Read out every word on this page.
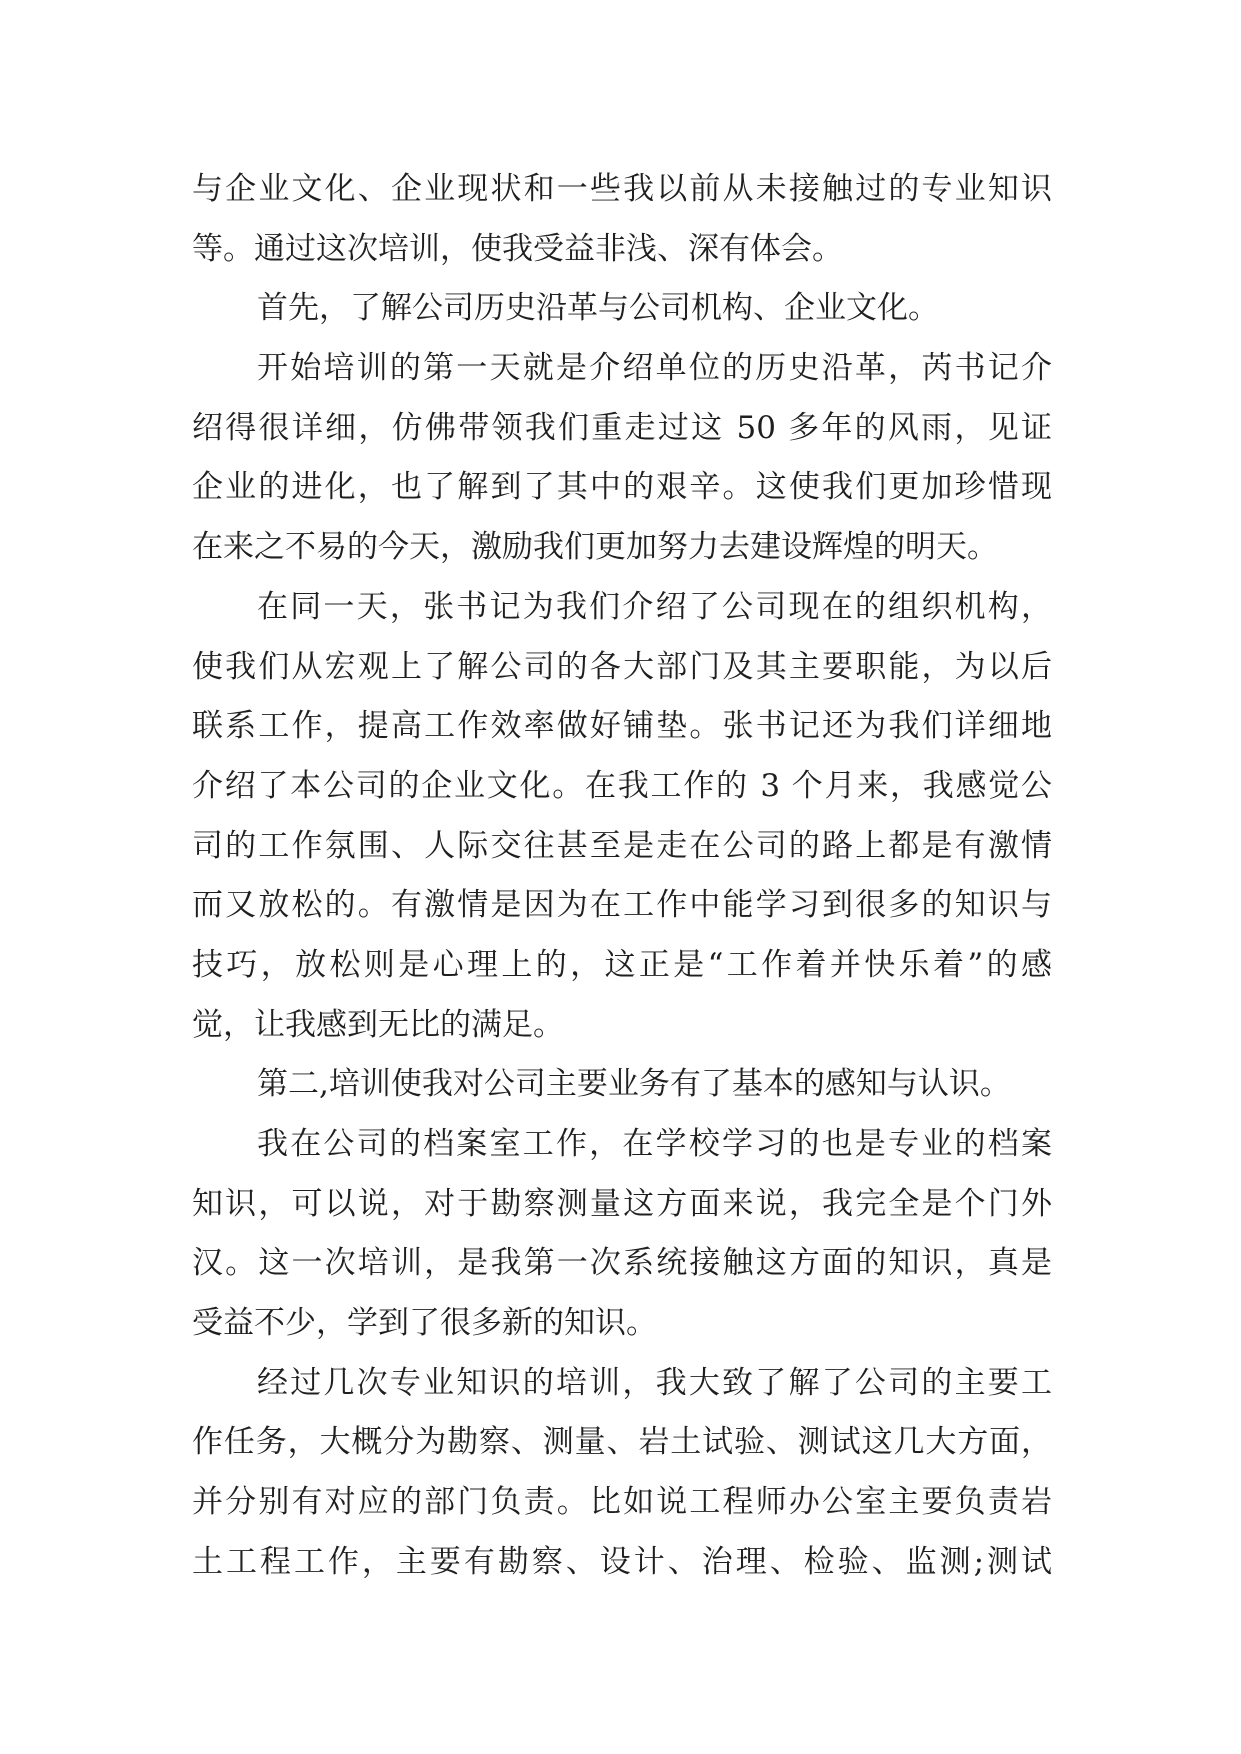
与企业文化、企业现状和一些我以前从未接触过的专业知识
等。通过这次培训，使我受益非浅、深有体会。
首先，了解公司历史沿革与公司机构、企业文化。
开始培训的第一天就是介绍单位的历史沿革，芮书记介
绍得很详细，仿佛带领我们重走过这 50 多年的风雨，见证
企业的进化，也了解到了其中的艰辛。这使我们更加珍惜现
在来之不易的今天，激励我们更加努力去建设辉煌的明天。
在同一天，张书记为我们介绍了公司现在的组织机构，
使我们从宏观上了解公司的各大部门及其主要职能，为以后
联系工作，提高工作效率做好铺垫。张书记还为我们详细地
介绍了本公司的企业文化。在我工作的 3 个月来，我感觉公
司的工作氛围、人际交往甚至是走在公司的路上都是有激情
而又放松的。有激情是因为在工作中能学习到很多的知识与
技巧，放松则是心理上的，这正是“工作着并快乐着”的感
觉，让我感到无比的满足。
第二,培训使我对公司主要业务有了基本的感知与认识。
我在公司的档案室工作，在学校学习的也是专业的档案
知识，可以说，对于勘察测量这方面来说，我完全是个门外
汉。这一次培训，是我第一次系统接触这方面的知识，真是
受益不少，学到了很多新的知识。
经过几次专业知识的培训，我大致了解了公司的主要工
作任务，大概分为勘察、测量、岩土试验、测试这几大方面，
并分别有对应的部门负责。比如说工程师办公室主要负责岩
土工程工作，主要有勘察、设计、治理、检验、监测;测试
